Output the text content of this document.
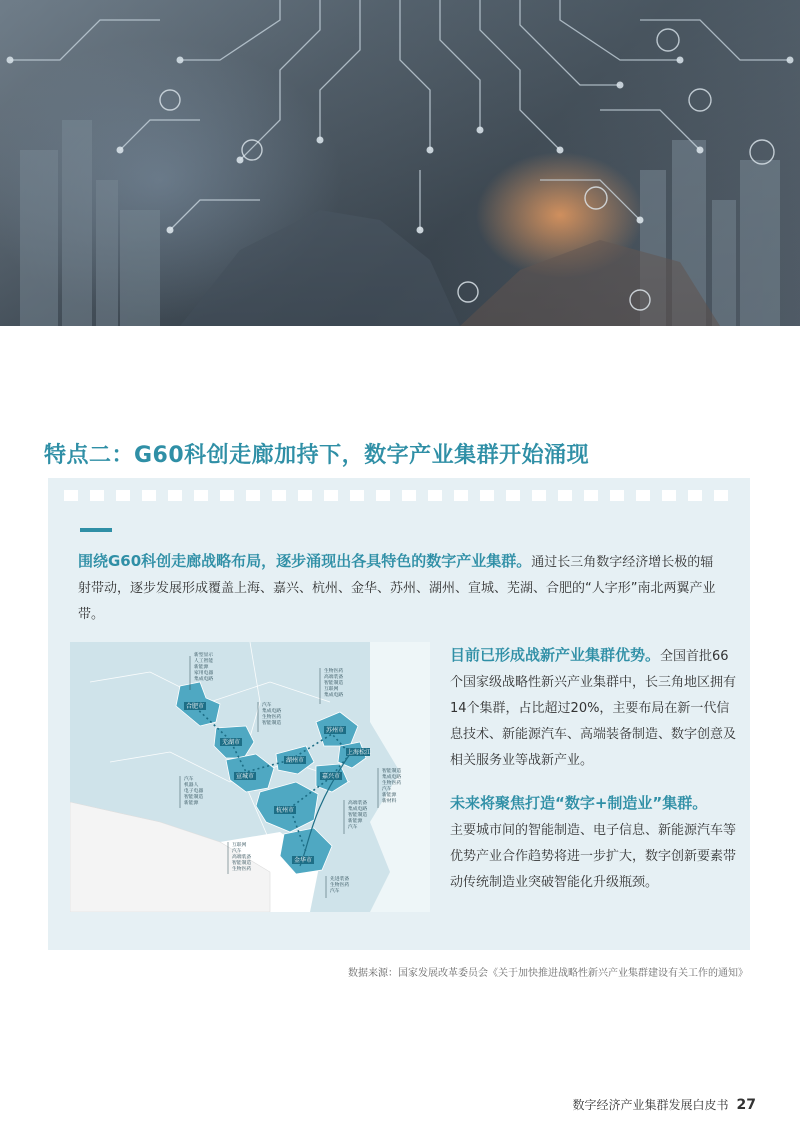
特点二：G60科创走廊加持下，数字产业集群开始涌现
围绕G60科创走廊战略布局，逐步涌现出各具特色的数字产业集群。通过长三角数字经济增长极的辐射带动，逐步发展形成覆盖上海、嘉兴、杭州、金华、苏州、湖州、宣城、芜湖、合肥的“人字形”南北两翼产业带。
合肥市
芜湖市
宣城市
湖州市
苏州市
上海松江
嘉兴市
杭州市
金华市
新型显示
人工智能
新能源
家用电器
集成电路
汽车
集成电路
生物医药
智能制造
汽车
机器人
电子电器
智能制造
新能源
生物医药
高端装备
智能制造
互联网
集成电路
智能制造
集成电路
生物医药
汽车
新能源
新材料
高端装备
集成电路
智能制造
新能源
汽车
互联网
汽车
高端装备
智能制造
生物医药
先进装备
生物医药
汽车

目前已形成战新产业集群优势。全国首批66个国家级战略性新兴产业集群中，长三角地区拥有14个集群，占比超过20%，主要布局在新一代信息技术、新能源汽车、高端装备制造、数字创意及相关服务业等战新产业。

未来将聚焦打造“数字+制造业”集群。
主要城市间的智能制造、电子信息、新能源汽车等优势产业合作趋势将进一步扩大，数字创新要素带动传统制造业突破智能化升级瓶颈。

数据来源：国家发展改革委员会《关于加快推进战略性新兴产业集群建设有关工作的通知》
数字经济产业集群发展白皮书 27
